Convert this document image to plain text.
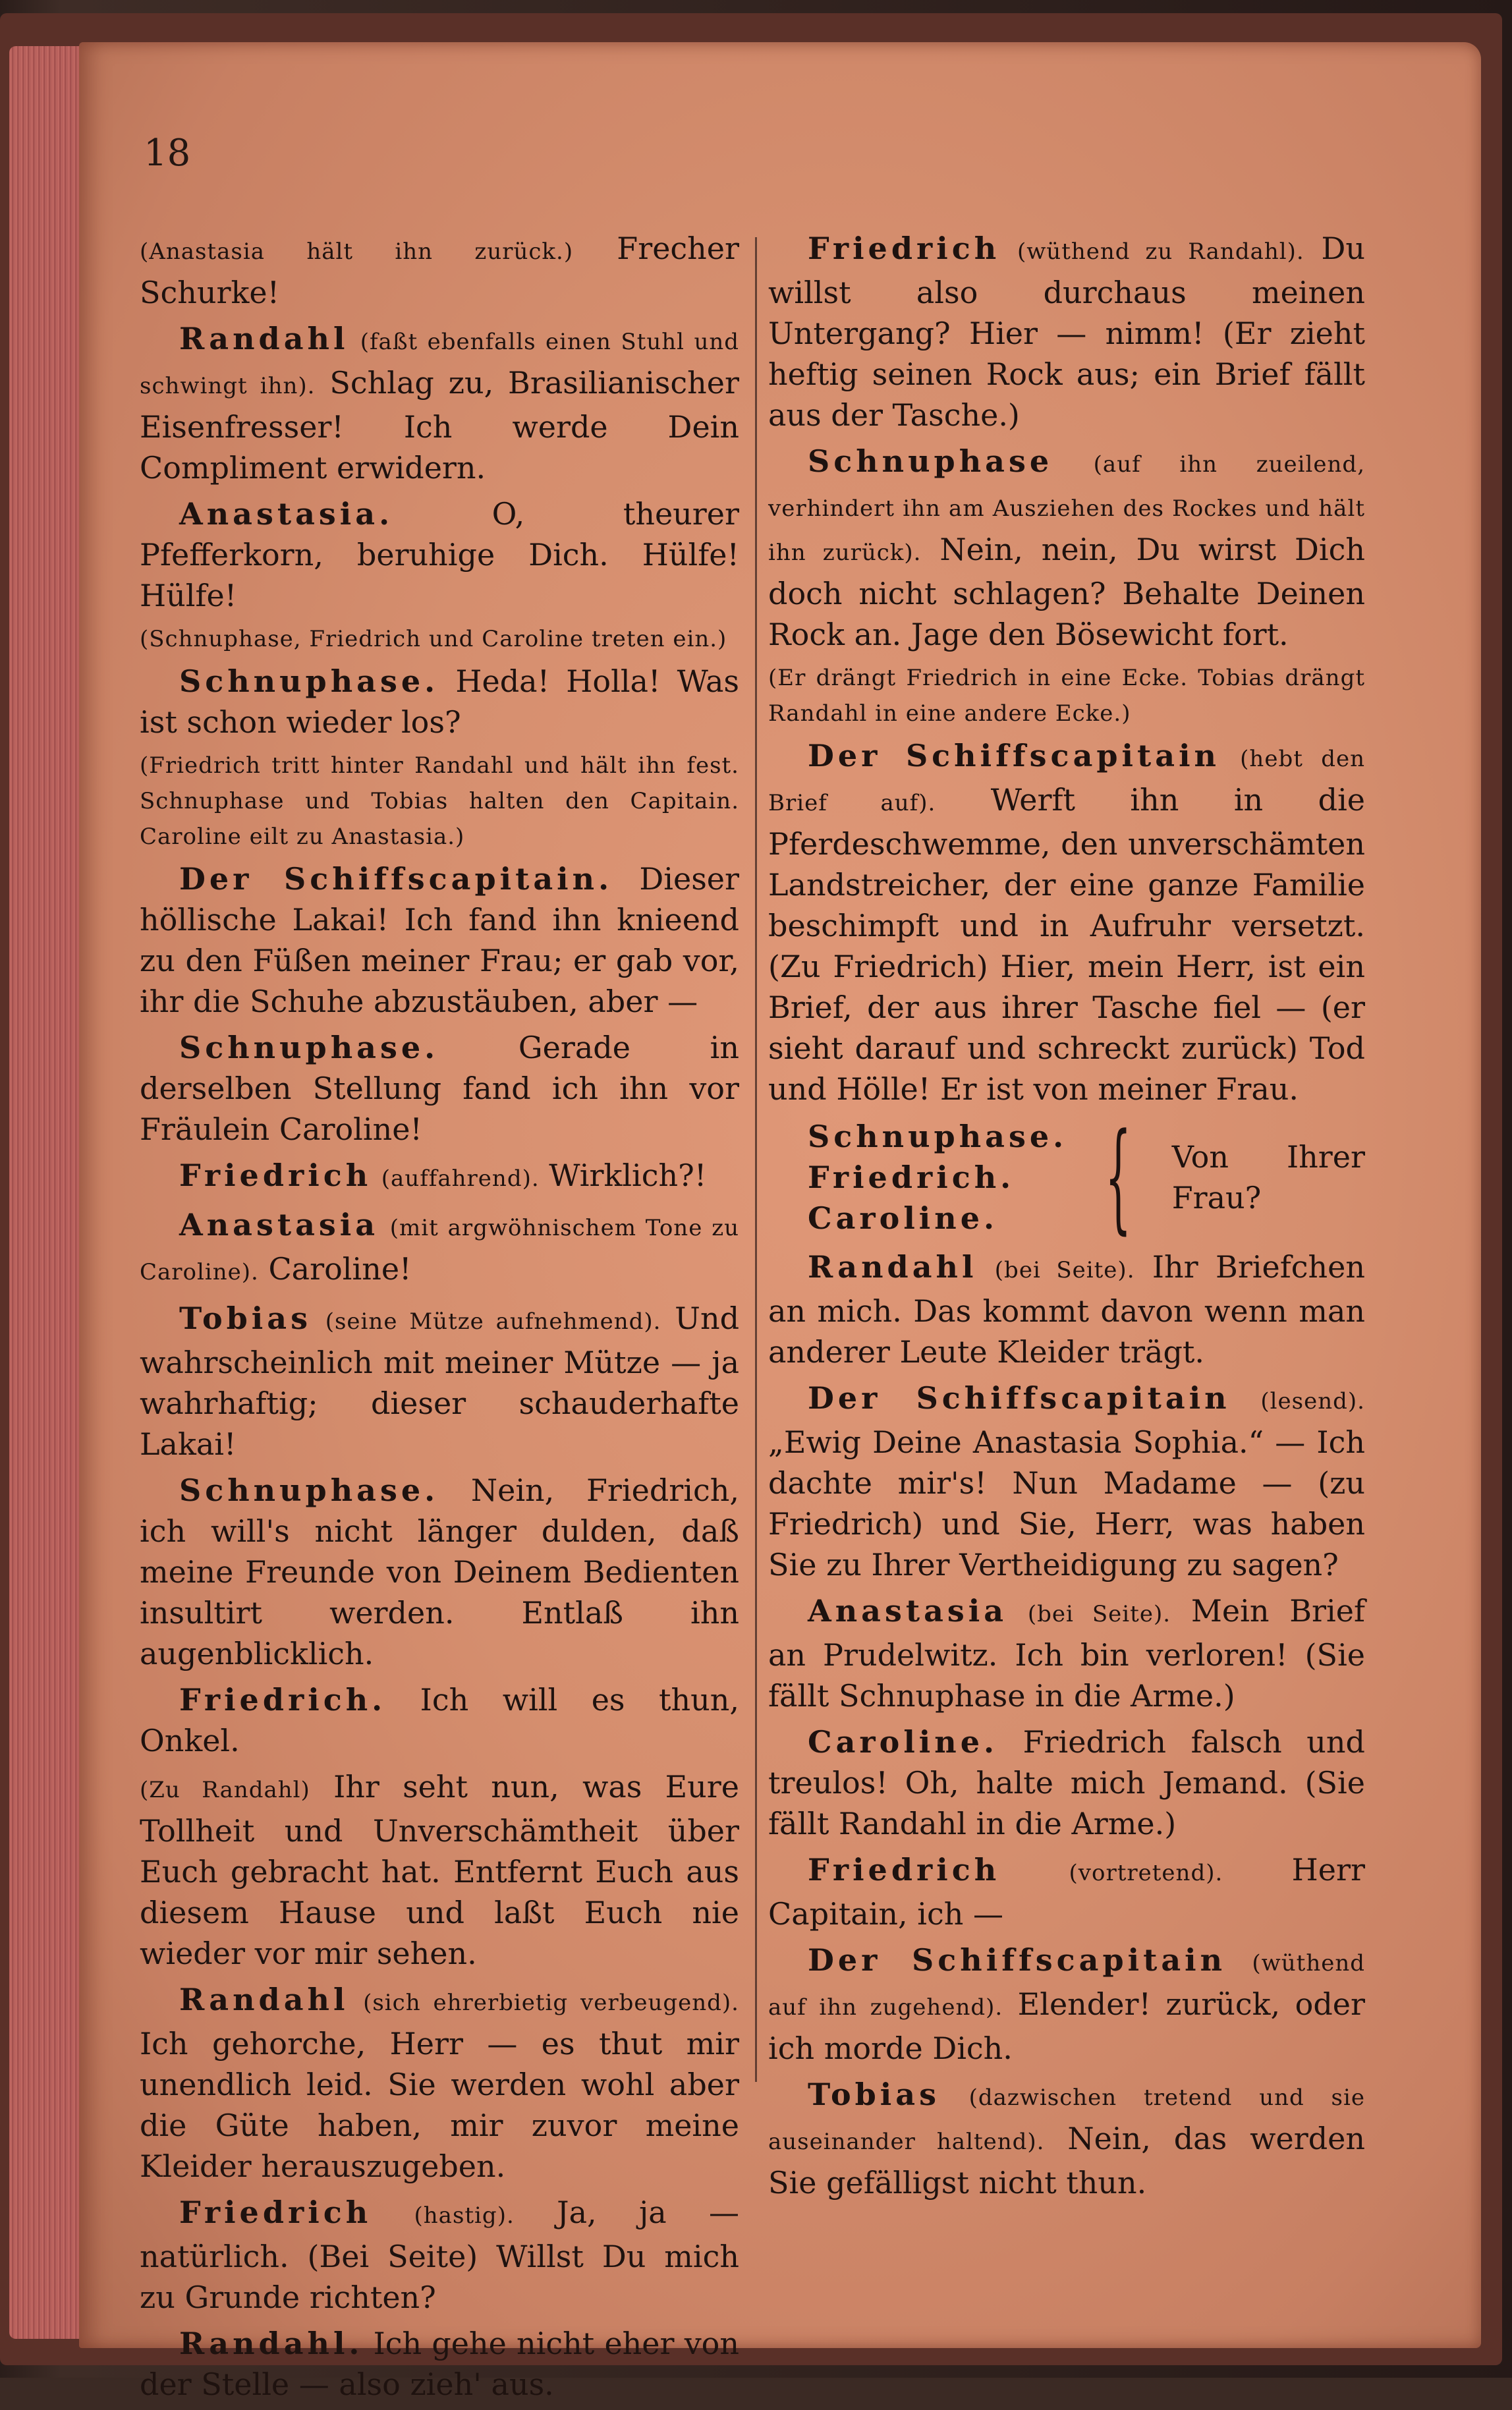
18

(Anastasia hält ihn zurück.) Frecher Schurke!

Randahl (faßt ebenfalls einen Stuhl und schwingt ihn). Schlag zu, Brasilianischer Eisenfresser! Ich werde Dein Compliment erwidern.

Anastasia.	O, theurer Pfefferkorn, beruhige Dich. Hülfe! Hülfe!

(Schnuphase, Friedrich und Caroline treten ein.)

Schnuphase. Heda! Holla! Was ist schon wieder los?

(Friedrich tritt hinter Randahl und hält ihn fest. Schnuphase und Tobias halten den Capitain. Caroline eilt zu Anastasia.)

Der Schiffscapitain. Dieser höllische Lakai! Ich fand ihn knieend zu den Füßen meiner Frau; er gab vor, ihr die Schuhe abzustäuben, aber —

Schnuphase.	Gerade in derselben Stellung fand ich ihn vor Fräulein Caroline!

Friedrich (auffahrend). Wirklich?!

Anastasia (mit argwöhnischem Tone zu Caroline). Caroline!

Tobias (seine Mütze aufnehmend). Und wahrscheinlich mit meiner Mütze — ja wahrhaftig; dieser schauderhafte Lakai!

Schnuphase. Nein, Friedrich, ich will's nicht länger dulden, daß meine Freunde von Deinem Bedienten insultirt werden. Entlaß ihn augenblicklich.

Friedrich. Ich will es thun, Onkel.

(Zu Randahl) Ihr seht nun, was Eure Tollheit und Unverschämtheit über Euch gebracht hat. Entfernt Euch aus diesem Hause und laßt Euch nie wieder vor mir sehen.

Randahl (sich ehrerbietig verbeugend). Ich gehorche, Herr — es thut mir unendlich leid. Sie werden wohl aber die Güte haben, mir zuvor meine Kleider herauszugeben.

Friedrich (hastig). Ja, ja — natürlich. (Bei Seite) Willst Du mich zu Grunde richten?

Randahl. Ich gehe nicht eher von der Stelle — also zieh' aus.

Friedrich (wüthend zu Randahl). Du willst also durchaus meinen Untergang? Hier — nimm! (Er zieht heftig seinen Rock aus; ein Brief fällt aus der Tasche.)

Schnuphase (auf ihn zueilend, verhindert ihn am Ausziehen des Rockes und hält ihn zurück). Nein, nein, Du wirst Dich doch nicht schlagen? Behalte Deinen Rock an. Jage den Bösewicht fort.

(Er drängt Friedrich in eine Ecke. Tobias drängt Randahl in eine andere Ecke.)

Der Schiffscapitain (hebt den Brief auf). Werft ihn in die Pferdeschwemme, den unverschämten Landstreicher, der eine ganze Familie beschimpft und in Aufruhr versetzt. (Zu Friedrich) Hier, mein Herr, ist ein Brief, der aus ihrer Tasche fiel — (er sieht darauf und schreckt zurück) Tod und Hölle! Er ist von meiner Frau.

Schnuphase.
Friedrich.
Caroline. { Von Ihrer Frau?

Randahl (bei Seite). Ihr Briefchen an mich. Das kommt davon wenn man anderer Leute Kleider trägt.

Der Schiffscapitain (lesend). „Ewig Deine Anastasia Sophia.“ — Ich dachte mir's! Nun Madame — (zu Friedrich) und Sie, Herr, was haben Sie zu Ihrer Vertheidigung zu sagen?

Anastasia (bei Seite). Mein Brief an Prudelwitz. Ich bin verloren! (Sie fällt Schnuphase in die Arme.)

Caroline. Friedrich falsch und treulos! Oh, halte mich Jemand. (Sie fällt Randahl in die Arme.)

Friedrich	(vortretend). Herr Capitain, ich —

Der Schiffscapitain (wüthend auf ihn zugehend). Elender! zurück, oder ich morde Dich.

Tobias (dazwischen tretend und sie auseinander haltend). Nein, das werden Sie gefälligst nicht thun.
